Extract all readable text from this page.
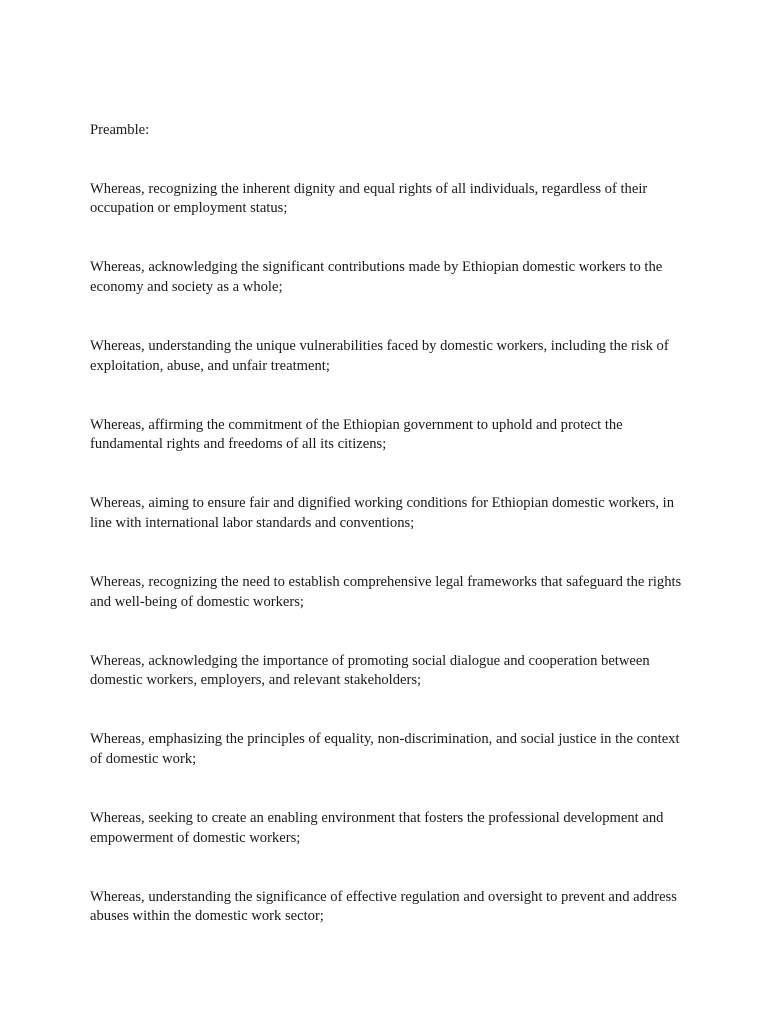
Preamble:

Whereas, recognizing the inherent dignity and equal rights of all individuals, regardless of their occupation or employment status;

Whereas, acknowledging the significant contributions made by Ethiopian domestic workers to the economy and society as a whole;

Whereas, understanding the unique vulnerabilities faced by domestic workers, including the risk of exploitation, abuse, and unfair treatment;

Whereas, affirming the commitment of the Ethiopian government to uphold and protect the fundamental rights and freedoms of all its citizens;

Whereas, aiming to ensure fair and dignified working conditions for Ethiopian domestic workers, in line with international labor standards and conventions;

Whereas, recognizing the need to establish comprehensive legal frameworks that safeguard the rights and well-being of domestic workers;

Whereas, acknowledging the importance of promoting social dialogue and cooperation between domestic workers, employers, and relevant stakeholders;

Whereas, emphasizing the principles of equality, non-discrimination, and social justice in the context of domestic work;

Whereas, seeking to create an enabling environment that fosters the professional development and empowerment of domestic workers;

Whereas, understanding the significance of effective regulation and oversight to prevent and address abuses within the domestic work sector;
